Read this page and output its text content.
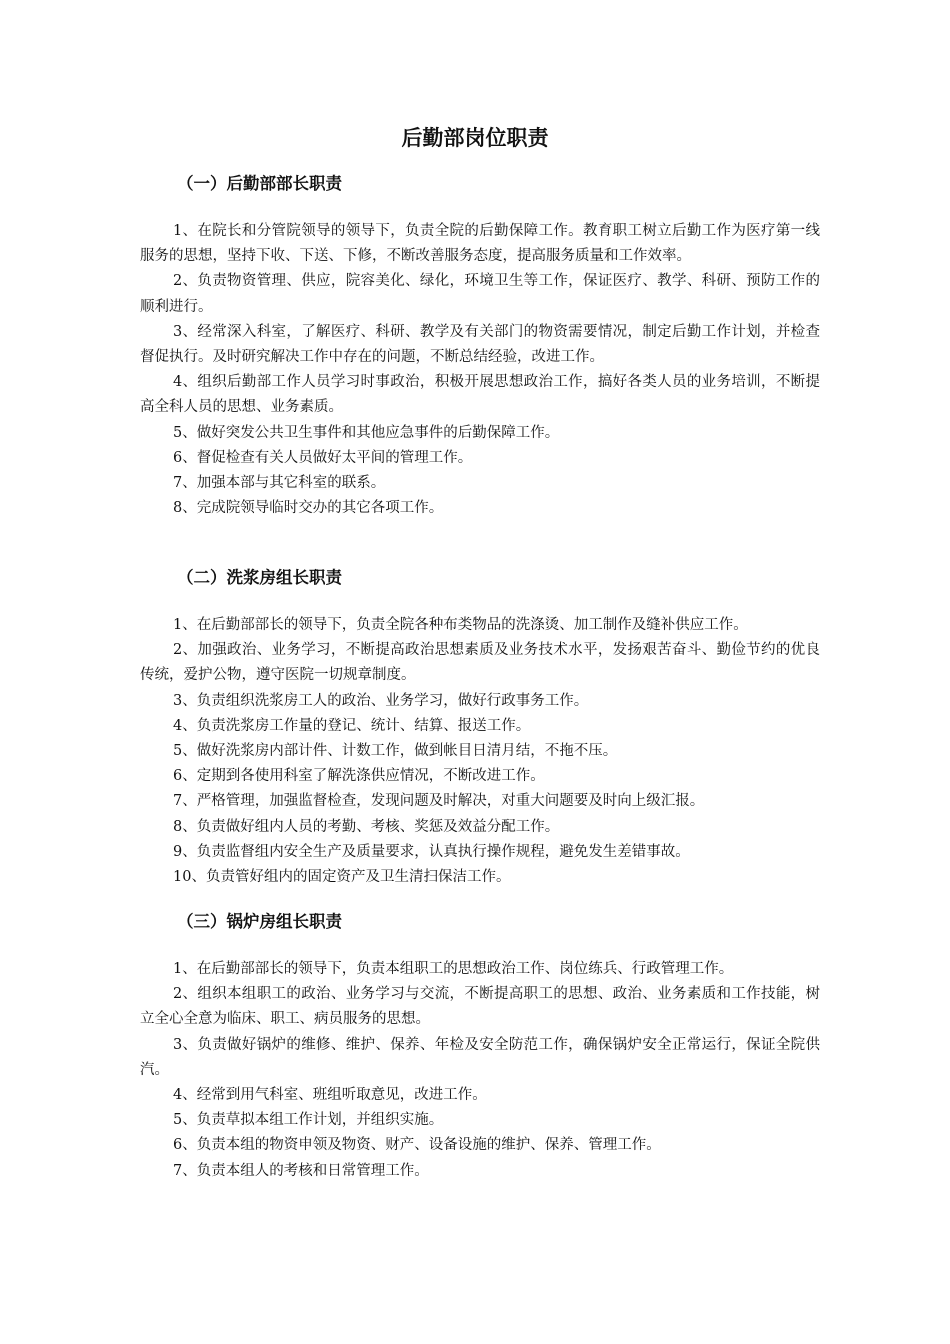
后勤部岗位职责
（一）后勤部部长职责

1、在院长和分管院领导的领导下，负责全院的后勤保障工作。教育职工树立后勤工作为医疗第一线服务的思想，坚持下收、下送、下修，不断改善服务态度，提高服务质量和工作效率。

2、负责物资管理、供应，院容美化、绿化，环境卫生等工作，保证医疗、教学、科研、预防工作的顺利进行。

3、经常深入科室，了解医疗、科研、教学及有关部门的物资需要情况，制定后勤工作计划，并检查督促执行。及时研究解决工作中存在的问题，不断总结经验，改进工作。

4、组织后勤部工作人员学习时事政治，积极开展思想政治工作，搞好各类人员的业务培训，不断提高全科人员的思想、业务素质。

5、做好突发公共卫生事件和其他应急事件的后勤保障工作。

6、督促检查有关人员做好太平间的管理工作。

7、加强本部与其它科室的联系。

8、完成院领导临时交办的其它各项工作。

（二）洗浆房组长职责

1、在后勤部部长的领导下，负责全院各种布类物品的洗涤烫、加工制作及缝补供应工作。

2、加强政治、业务学习，不断提高政治思想素质及业务技术水平，发扬艰苦奋斗、勤俭节约的优良传统，爱护公物，遵守医院一切规章制度。

3、负责组织洗浆房工人的政治、业务学习，做好行政事务工作。

4、负责洗浆房工作量的登记、统计、结算、报送工作。

5、做好洗浆房内部计件、计数工作，做到帐目日清月结，不拖不压。

6、定期到各使用科室了解洗涤供应情况，不断改进工作。

7、严格管理，加强监督检查，发现问题及时解决，对重大问题要及时向上级汇报。

8、负责做好组内人员的考勤、考核、奖惩及效益分配工作。

9、负责监督组内安全生产及质量要求，认真执行操作规程，避免发生差错事故。

10、负责管好组内的固定资产及卫生清扫保洁工作。

（三）锅炉房组长职责

1、在后勤部部长的领导下，负责本组职工的思想政治工作、岗位练兵、行政管理工作。

2、组织本组职工的政治、业务学习与交流，不断提高职工的思想、政治、业务素质和工作技能，树立全心全意为临床、职工、病员服务的思想。

3、负责做好锅炉的维修、维护、保养、年检及安全防范工作，确保锅炉安全正常运行，保证全院供汽。

4、经常到用气科室、班组听取意见，改进工作。

5、负责草拟本组工作计划，并组织实施。

6、负责本组的物资申领及物资、财产、设备设施的维护、保养、管理工作。

7、负责本组人的考核和日常管理工作。
